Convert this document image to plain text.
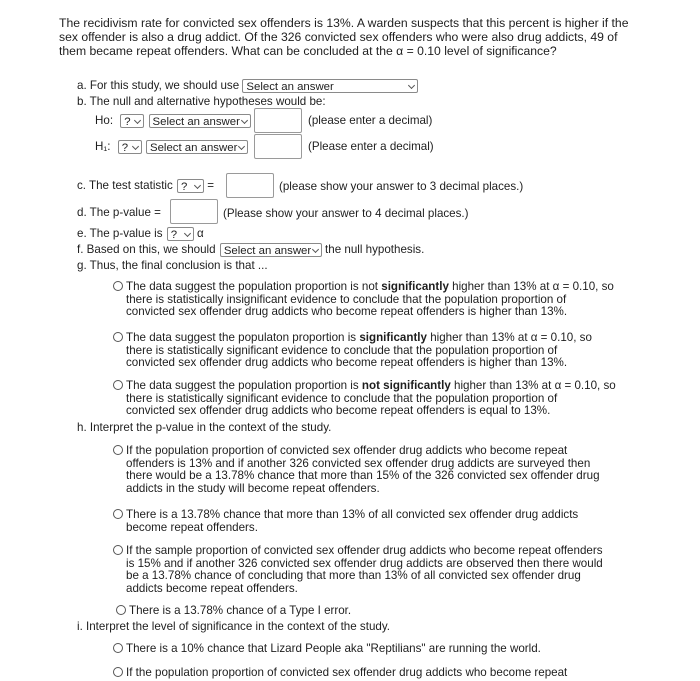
The recidivism rate for convicted sex offenders is 13%. A warden suspects that this percent is higher if the
sex offender is also a drug addict. Of the 326 convicted sex offenders who were also drug addicts, 49 of
them became repeat offenders. What can be concluded at the α = 0.10 level of significance?
a. For this study, we should use Select an answer
b. The null and alternative hypotheses would be:
Ho: ? Select an answer	(please enter a decimal)
H₁: ? Select an answer	(Please enter a decimal)
c. The test statistic ? =	(please show your answer to 3 decimal places.)
d. The p-value =	(Please show your answer to 4 decimal places.)
e. The p-value is ? α
f. Based on this, we should Select an answer the null hypothesis.
g. Thus, the final conclusion is that ...
The data suggest the population proportion is not significantly higher than 13% at α = 0.10, so
there is statistically insignificant evidence to conclude that the population proportion of
convicted sex offender drug addicts who become repeat offenders is higher than 13%.
The data suggest the populaton proportion is significantly higher than 13% at α = 0.10, so
there is statistically significant evidence to conclude that the population proportion of
convicted sex offender drug addicts who become repeat offenders is higher than 13%.
The data suggest the population proportion is not significantly higher than 13% at α = 0.10, so
there is statistically significant evidence to conclude that the population proportion of
convicted sex offender drug addicts who become repeat offenders is equal to 13%.
h. Interpret the p-value in the context of the study.
If the population proportion of convicted sex offender drug addicts who become repeat
offenders is 13% and if another 326 convicted sex offender drug addicts are surveyed then
there would be a 13.78% chance that more than 15% of the 326 convicted sex offender drug
addicts in the study will become repeat offenders.
There is a 13.78% chance that more than 13% of all convicted sex offender drug addicts
become repeat offenders.
If the sample proportion of convicted sex offender drug addicts who become repeat offenders
is 15% and if another 326 convicted sex offender drug addicts are observed then there would
be a 13.78% chance of concluding that more than 13% of all convicted sex offender drug
addicts become repeat offenders.
There is a 13.78% chance of a Type I error.
i. Interpret the level of significance in the context of the study.
There is a 10% chance that Lizard People aka "Reptilians" are running the world.
If the population proportion of convicted sex offender drug addicts who become repeat
